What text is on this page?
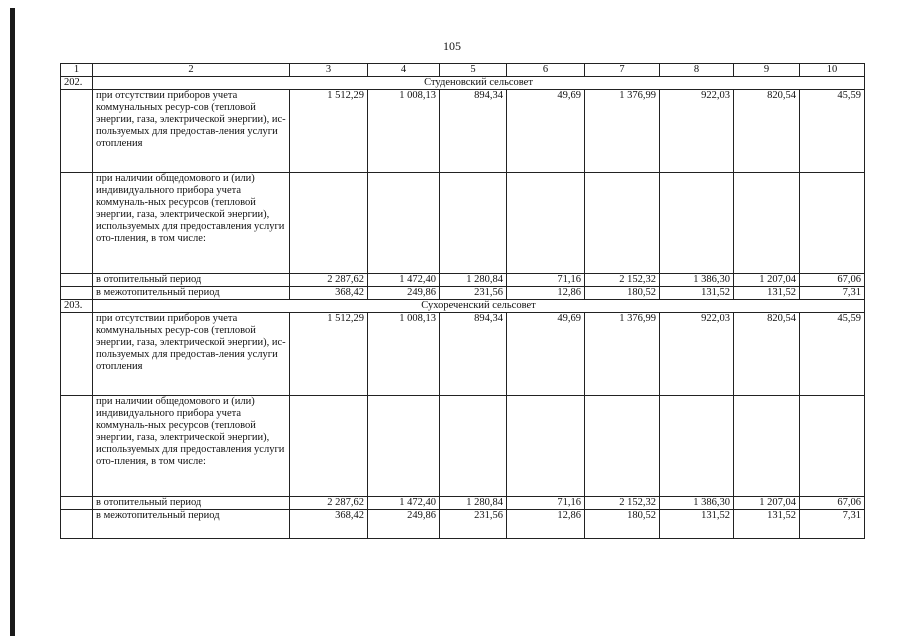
105
1	2	3	4	5	6	7	8	9	10
202.	Студеновский сельсовет								
	при отсутствии приборов учета коммунальных ресур-сов (тепловой энергии, газа, электрической энергии), ис-пользуемых для предостав-ления услуги отопления	1 512,29	1 008,13	894,34	49,69	1 376,99	922,03	820,54	45,59
	при наличии общедомового и (или) индивидуального прибора учета коммуналь-ных ресурсов (тепловой энергии, газа, электрической энергии), используемых для предоставления услуги ото-пления, в том числе:								
	в отопительный период	2 287,62	1 472,40	1 280,84	71,16	2 152,32	1 386,30	1 207,04	67,06
	в межотопительный период	368,42	249,86	231,56	12,86	180,52	131,52	131,52	7,31
203.	Сухореченский сельсовет								
	при отсутствии приборов учета коммунальных ресур-сов (тепловой энергии, газа, электрической энергии), ис-пользуемых для предостав-ления услуги отопления	1 512,29	1 008,13	894,34	49,69	1 376,99	922,03	820,54	45,59
	при наличии общедомового и (или) индивидуального прибора учета коммуналь-ных ресурсов (тепловой энергии, газа, электрической энергии), используемых для предоставления услуги ото-пления, в том числе:								
	в отопительный период	2 287,62	1 472,40	1 280,84	71,16	2 152,32	1 386,30	1 207,04	67,06
	в межотопительный период	368,42	249,86	231,56	12,86	180,52	131,52	131,52	7,31
